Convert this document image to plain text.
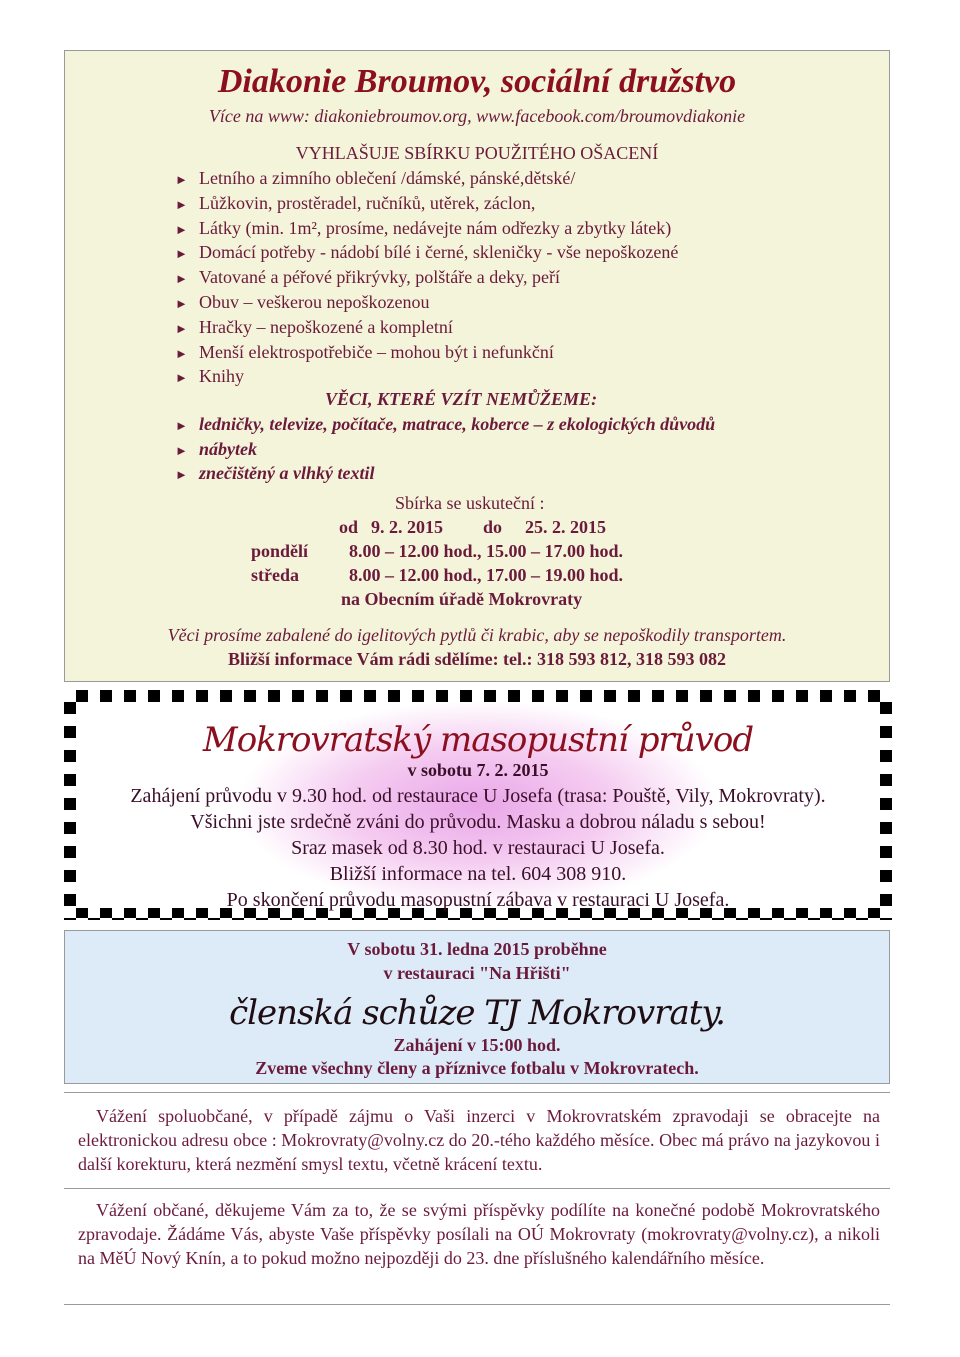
Diakonie Broumov, sociální družstvo
Více na www: diakoniebroumov.org, www.facebook.com/broumovdiakonie
VYHLAŠUJE SBÍRKU POUŽITÉHO OŠACENÍ
► Letního a zimního oblečení /dámské, pánské,dětské/
► Lůžkovin, prostěradel, ručníků, utěrek, záclon,
► Látky (min. 1m², prosíme, nedávejte nám odřezky a zbytky látek)
► Domácí potřeby - nádobí bílé i černé, skleničky - vše nepoškozené
► Vatované a péřové přikrývky, polštáře a deky, peří
► Obuv – veškerou nepoškozenou
► Hračky – nepoškozené a kompletní
► Menší elektrospotřebiče – mohou být i nefunkční
► Knihy
VĚCI, KTERÉ VZÍT NEMŮŽEME:
► ledničky, televize, počítače, matrace, koberce – z ekologických důvodů
► nábytek
► znečištěný a vlhký textil
Sbírka se uskuteční :
od 9. 2. 2015 do 25. 2. 2015
pondělí 8.00 – 12.00 hod., 15.00 – 17.00 hod.
středa	8.00 – 12.00 hod., 17.00 – 19.00 hod.
na Obecním úřadě Mokrovraty
Věci prosíme zabalené do igelitových pytlů či krabic, aby se nepoškodily transportem.
Bližší informace Vám rádi sdělíme: tel.: 318 593 812, 318 593 082
Mokrovratský masopustní průvod
v sobotu 7. 2. 2015
Zahájení průvodu v 9.30 hod. od restaurace U Josefa (trasa: Pouště, Vily, Mokrovraty).
Všichni jste srdečně zváni do průvodu. Masku a dobrou náladu s sebou!
Sraz masek od 8.30 hod. v restauraci U Josefa.
Bližší informace na tel. 604 308 910.
Po skončení průvodu masopustní zábava v restauraci U Josefa.
V sobotu 31. ledna 2015 proběhne
v restauraci "Na Hřišti"
členská schůze TJ Mokrovraty.
Zahájení v 15:00 hod.
Zveme všechny členy a příznivce fotbalu v Mokrovratech.
Vážení spoluobčané, v případě zájmu o Vaši inzerci v Mokrovratském zpravodaji se obracejte na elektronickou adresu obce : Mokrovraty@volny.cz do 20.-tého každého měsíce. Obec má právo na jazykovou i další korekturu, která nezmění smysl textu, včetně krácení textu.
Vážení občané, děkujeme Vám za to, že se svými příspěvky podílíte na konečné podobě Mokrovratského zpravodaje. Žádáme Vás, abyste Vaše příspěvky posílali na OÚ Mokrovraty (mokrovraty@volny.cz), a nikoli na MěÚ Nový Knín, a to pokud možno nejpozději do 23. dne příslušného kalendářního měsíce.
